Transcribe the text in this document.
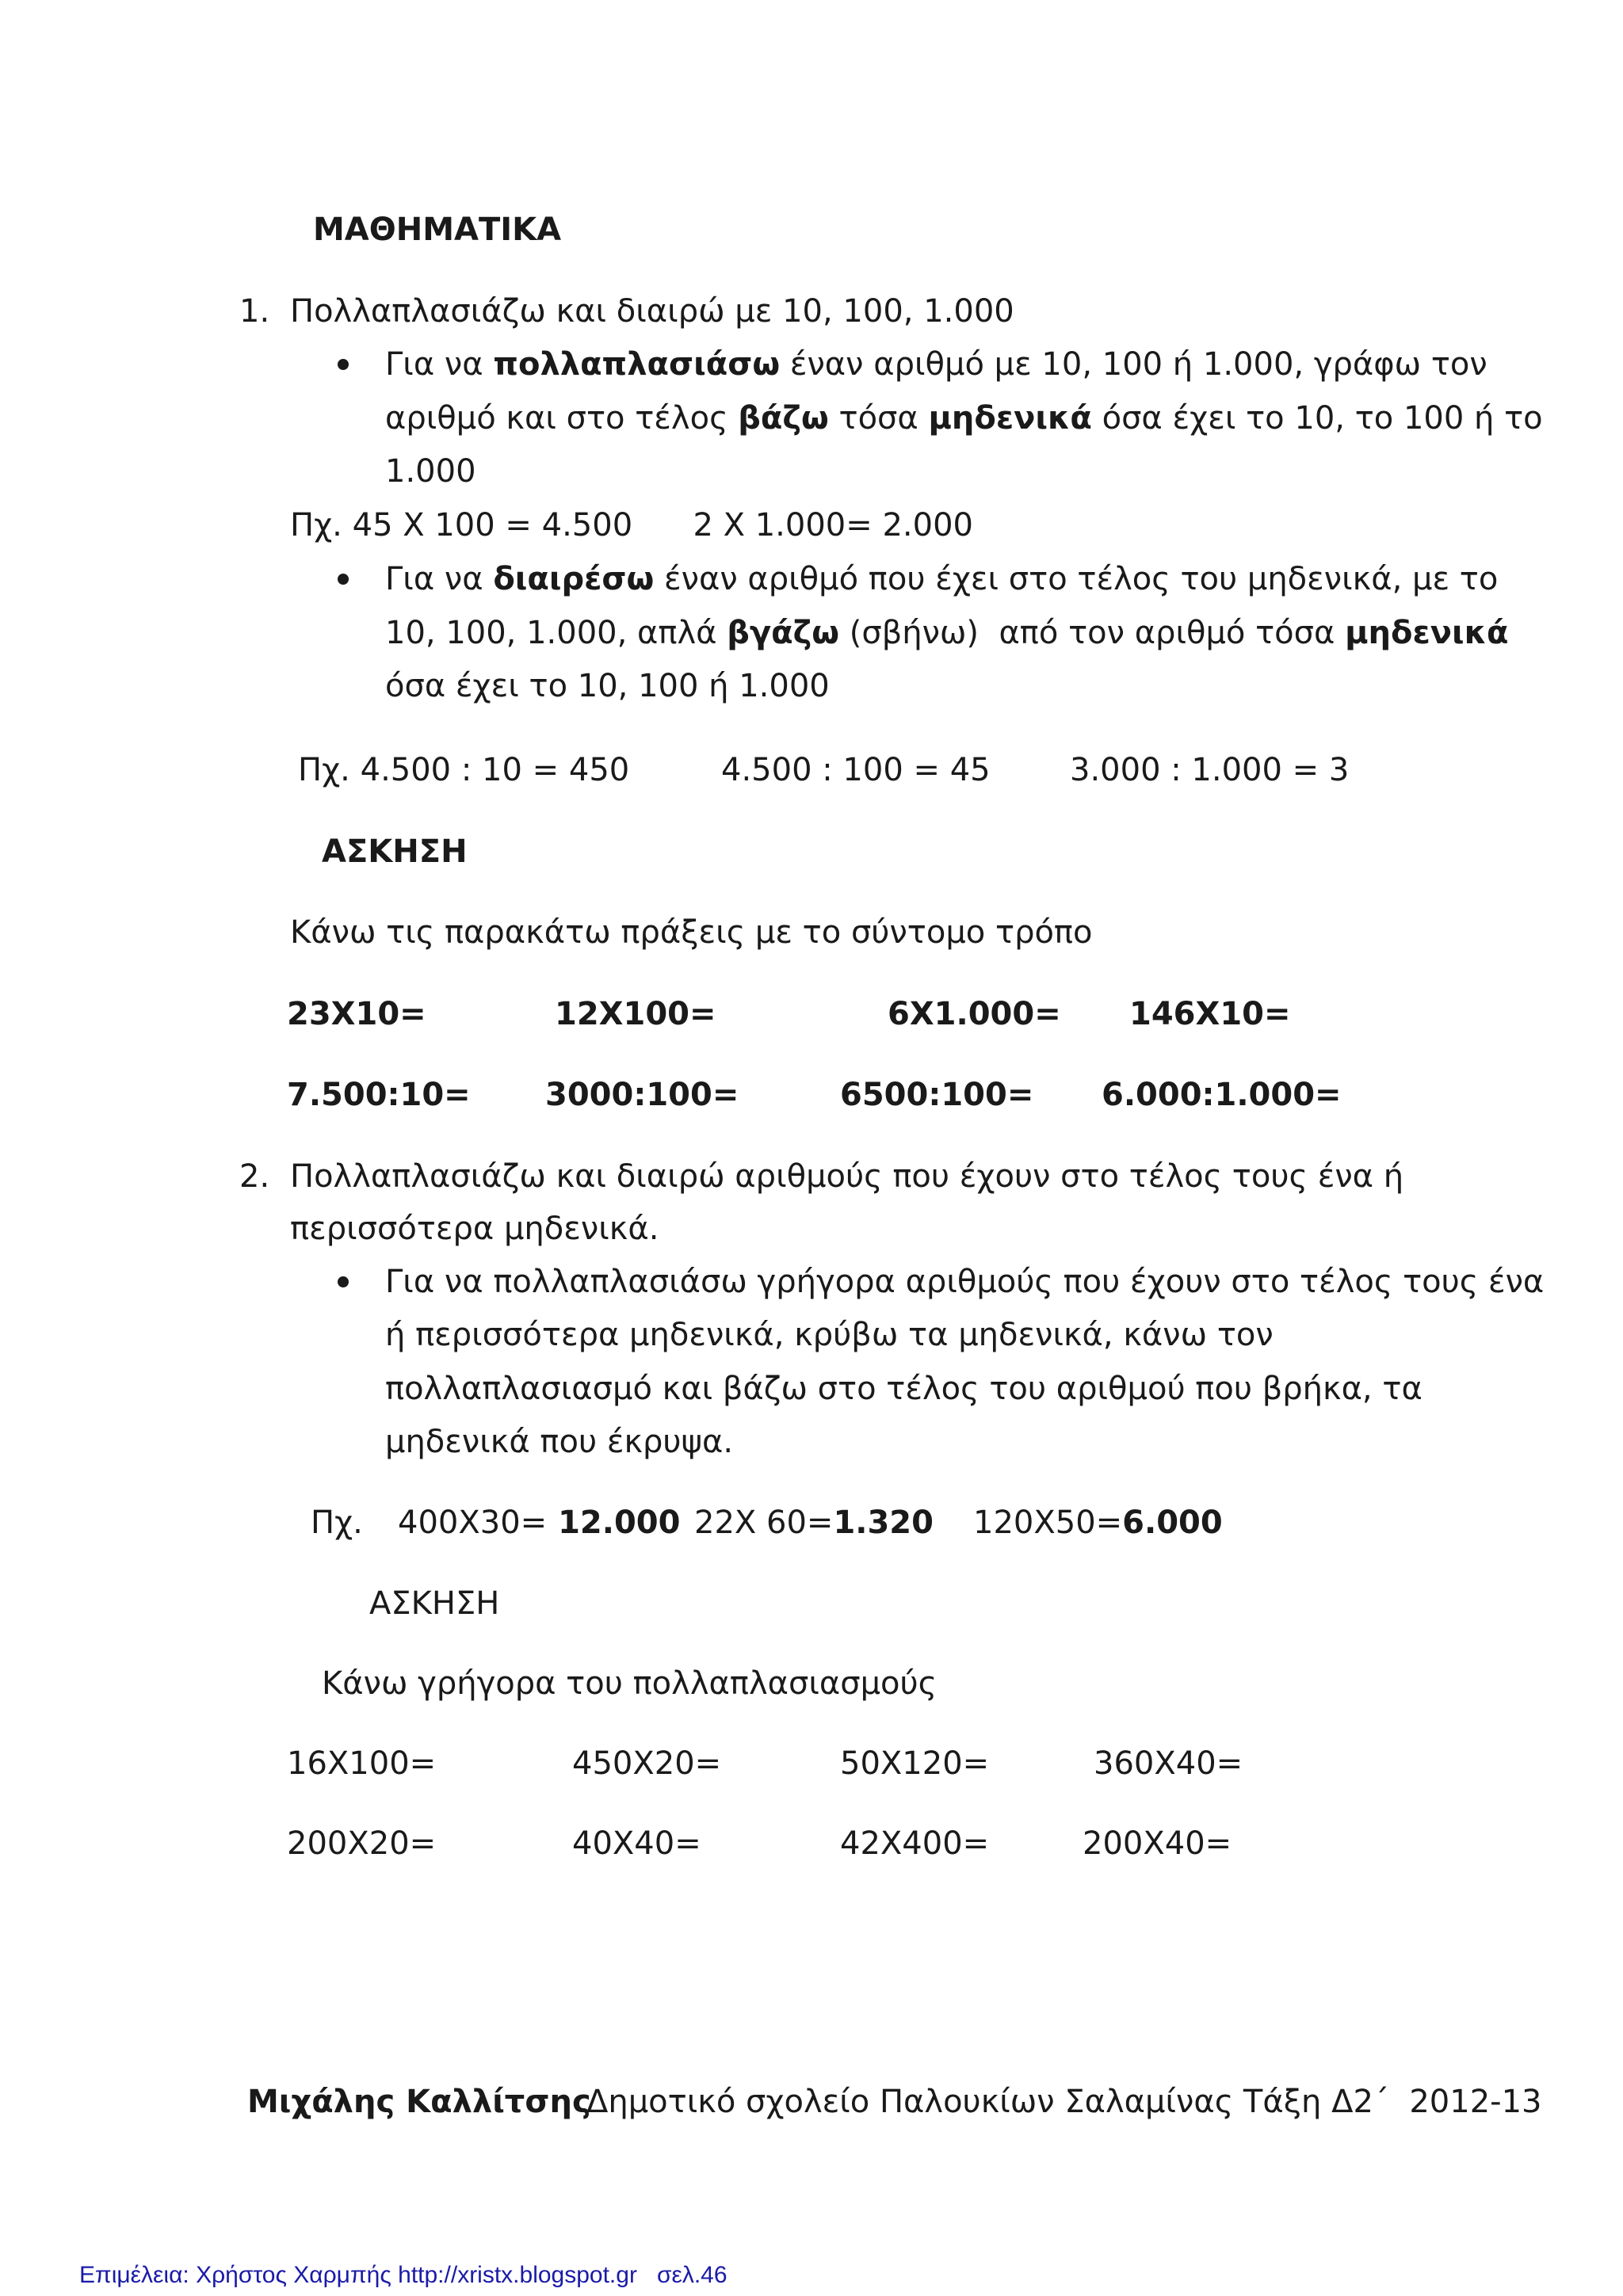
ΜΑΘΗΜΑΤΙΚΑ
1. Πολλαπλασιάζω και διαιρώ με 10, 100, 1.000
Για να πολλαπλασιάσω έναν αριθμό με 10, 100 ή 1.000, γράφω τον
αριθμό και στο τέλος βάζω τόσα μηδενικά όσα έχει το 10, το 100 ή το
1.000
Πχ. 45 Χ 100 = 4.500      2 Χ 1.000= 2.000
Για να διαιρέσω έναν αριθμό που έχει στο τέλος του μηδενικά, με το
10, 100, 1.000, απλά βγάζω (σβήνω)  από τον αριθμό τόσα μηδενικά
όσα έχει το 10, 100 ή 1.000
Πχ. 4.500 : 10 = 450	4.500 : 100 = 45	3.000 : 1.000 = 3
ΑΣΚΗΣΗ
Κάνω τις παρακάτω πράξεις με το σύντομο τρόπο
23Χ10=	12Χ100=	6Χ1.000= 146Χ10=
7.500:10= 3000:100=	6500:100= 6.000:1.000=
2. Πολλαπλασιάζω και διαιρώ αριθμούς που έχουν στο τέλος τους ένα ή
περισσότερα μηδενικά.
Για να πολλαπλασιάσω γρήγορα αριθμούς που έχουν στο τέλος τους ένα
ή περισσότερα μηδενικά, κρύβω τα μηδενικά, κάνω τον
πολλαπλασιασμό και βάζω στο τέλος του αριθμού που βρήκα, τα
μηδενικά που έκρυψα.
Πχ. 400Χ30= 12.000 22Χ 60=1.320 120Χ50=6.000
ΑΣΚΗΣΗ
Κάνω γρήγορα του πολλαπλασιασμούς
16Χ100=	450Χ20=	50Χ120=	360Χ40=
200Χ20=	40Χ40=	42Χ400=	200Χ40=
Μιχάλης Καλλίτσης
Δημοτικό σχολείο Παλουκίων Σαλαμίνας Τάξη Δ2΄  2012-13
Επιμέλεια: Χρήστος Χαρμπής http://xristx.blogspot.gr   σελ.46
